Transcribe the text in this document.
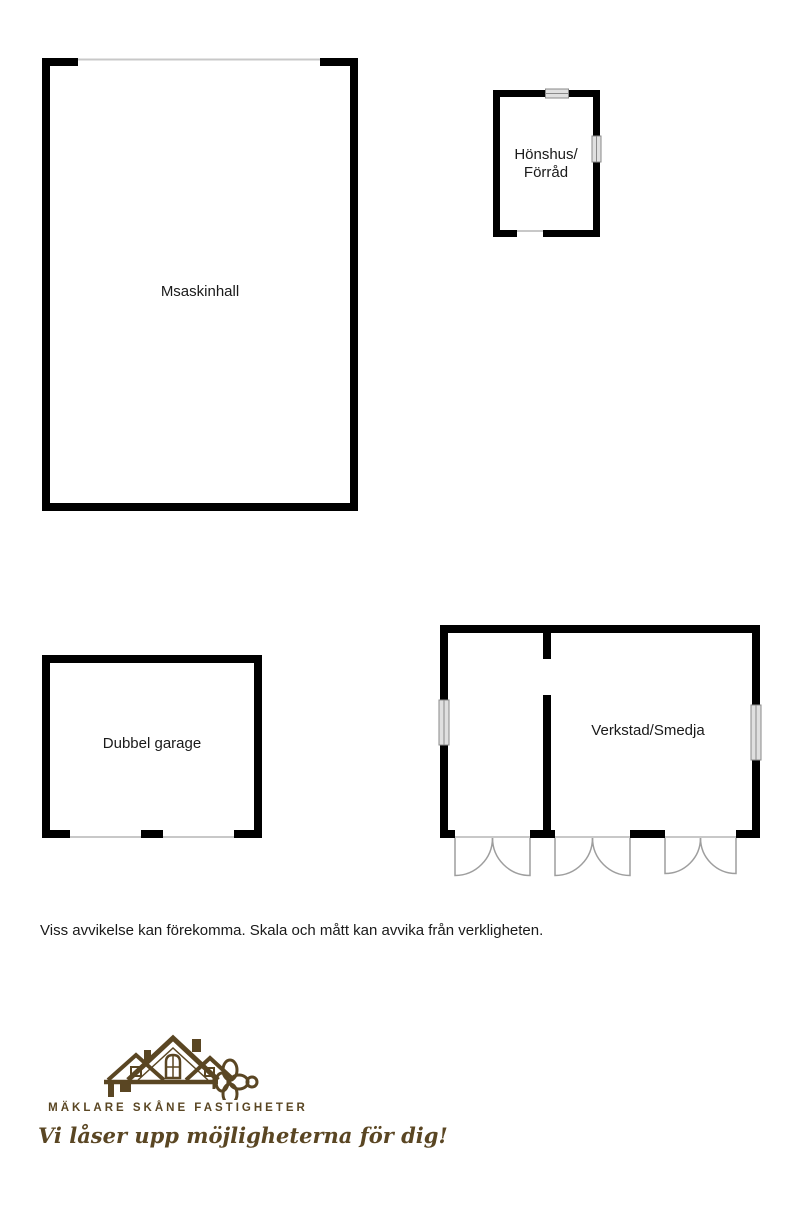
Msaskinhall
Hönshus/
Förråd
Dubbel garage
Verkstad/Smedja
Viss avvikelse kan förekomma. Skala och mått kan avvika från verkligheten.
MÄKLARE SKÅNE FASTIGHETER
Vi låser upp möjligheterna för dig!
